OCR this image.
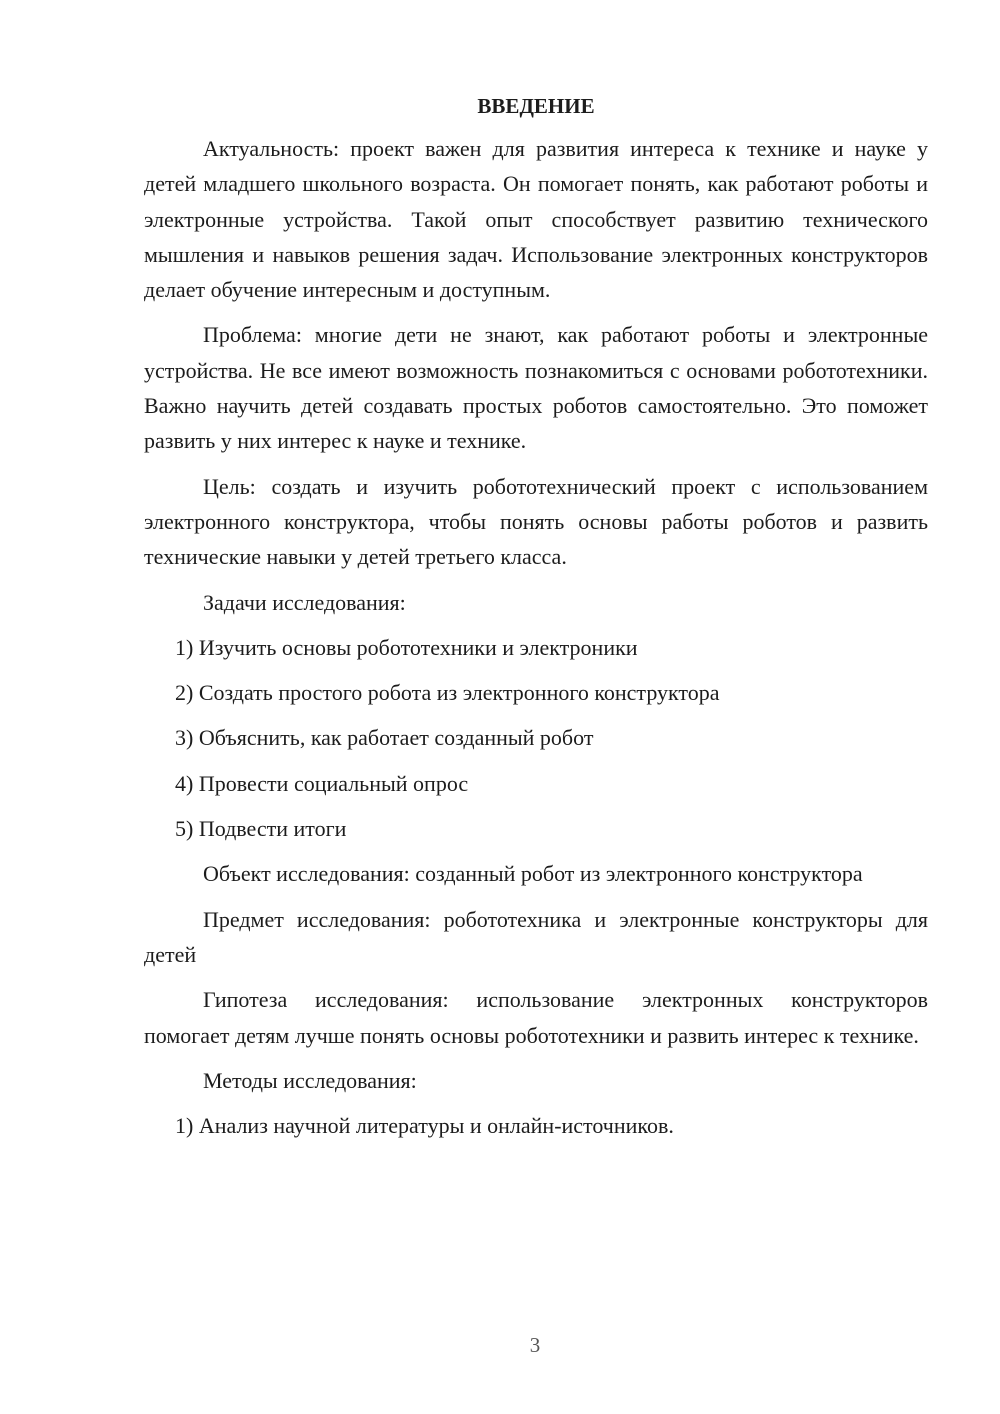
ВВЕДЕНИЕ

Актуальность: проект важен для развития интереса к технике и науке у детей младшего школьного возраста. Он помогает понять, как работают роботы и электронные устройства. Такой опыт способствует развитию технического мышления и навыков решения задач. Использование электронных конструкторов делает обучение интересным и доступным.

Проблема: многие дети не знают, как работают роботы и электронные устройства. Не все имеют возможность познакомиться с основами робототехники. Важно научить детей создавать простых роботов самостоятельно. Это поможет развить у них интерес к науке и технике.

Цель: создать и изучить робототехнический проект с использованием электронного конструктора, чтобы понять основы работы роботов и развить технические навыки у детей третьего класса.

Задачи исследования:

1) Изучить основы робототехники и электроники
2) Создать простого робота из электронного конструктора
3) Объяснить, как работает созданный робот
4) Провести социальный опрос
5) Подвести итоги

Объект исследования: созданный робот из электронного конструктора

Предмет исследования: робототехника и электронные конструкторы для детей

Гипотеза исследования: использование электронных конструкторов помогает детям лучше понять основы робототехники и развить интерес к технике.

Методы исследования:

1) Анализ научной литературы и онлайн-источников.
3
